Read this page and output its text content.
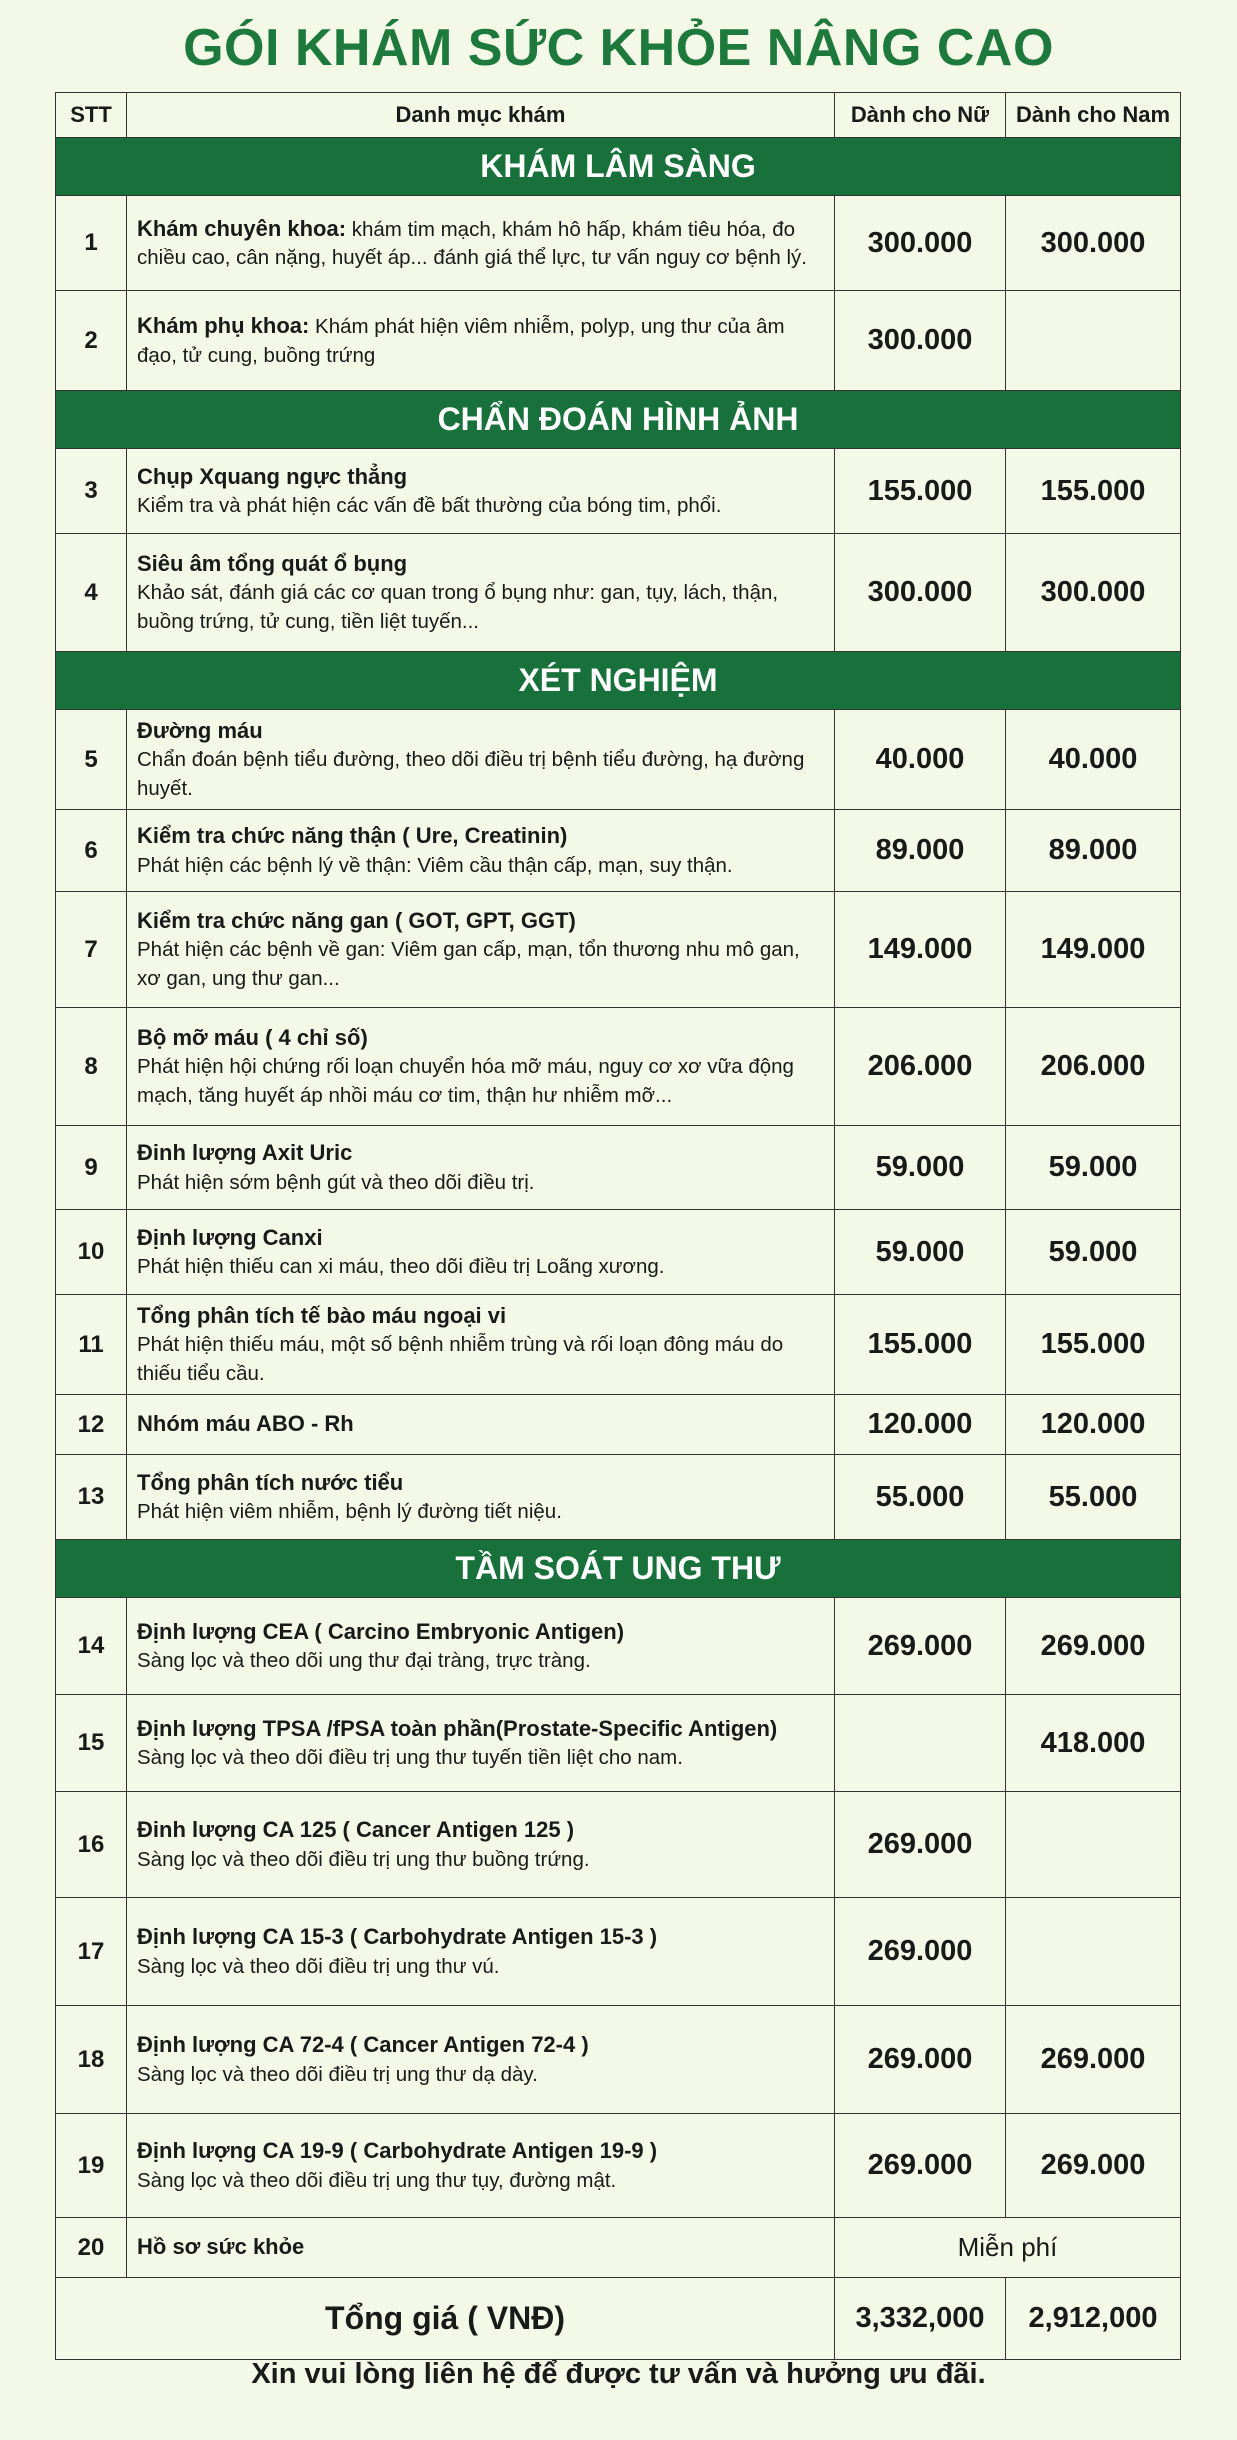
GÓI KHÁM SỨC KHỎE NÂNG CAO
STT	Danh mục khám	Dành cho Nữ	Dành cho Nam
KHÁM LÂM SÀNG			
1	Khám chuyên khoa: khám tim mạch, khám hô hấp, khám tiêu hóa, đo chiều cao, cân nặng, huyết áp... đánh giá thể lực, tư vấn nguy cơ bệnh lý.	300.000	300.000
2	Khám phụ khoa: Khám phát hiện viêm nhiễm, polyp, ung thư của âm đạo, tử cung, buồng trứng	300.000	
CHẨN ĐOÁN HÌNH ẢNH			
3	Chụp Xquang ngực thẳng
Kiểm tra và phát hiện các vấn đề bất thường của bóng tim, phổi.	155.000	155.000
4	Siêu âm tổng quát ổ bụng
Khảo sát, đánh giá các cơ quan trong ổ bụng như: gan, tụy, lách, thận, buồng trứng, tử cung, tiền liệt tuyến...	300.000	300.000
XÉT NGHIỆM			
5	Đường máu
Chẩn đoán bệnh tiểu đường, theo dõi điều trị bệnh tiểu đường, hạ đường huyết.	40.000	40.000
6	Kiểm tra chức năng thận ( Ure, Creatinin)
Phát hiện các bệnh lý về thận: Viêm cầu thận cấp, mạn, suy thận.	89.000	89.000
7	Kiểm tra chức năng gan ( GOT, GPT, GGT)
Phát hiện các bệnh về gan: Viêm gan cấp, mạn, tổn thương nhu mô gan, xơ gan, ung thư gan...	149.000	149.000
8	Bộ mỡ máu ( 4 chỉ số)
Phát hiện hội chứng rối loạn chuyển hóa mỡ máu, nguy cơ xơ vữa động mạch, tăng huyết áp nhồi máu cơ tim, thận hư nhiễm mỡ...	206.000	206.000
9	Đinh lượng Axit Uric
Phát hiện sớm bệnh gút và theo dõi điều trị.	59.000	59.000
10	Định lượng Canxi
Phát hiện thiếu can xi máu, theo dõi điều trị Loãng xương.	59.000	59.000
11	Tổng phân tích tế bào máu ngoại vi
Phát hiện thiếu máu, một số bệnh nhiễm trùng và rối loạn đông máu do thiếu tiểu cầu.	155.000	155.000
12	Nhóm máu ABO - Rh	120.000	120.000
13	Tổng phân tích nước tiểu
Phát hiện viêm nhiễm, bệnh lý đường tiết niệu.	55.000	55.000
TẦM SOÁT UNG THƯ			
14	Định lượng CEA ( Carcino Embryonic Antigen)
Sàng lọc và theo dõi ung thư đại tràng, trực tràng.	269.000	269.000
15	Định lượng TPSA /fPSA toàn phần(Prostate-Specific Antigen)
Sàng lọc và theo dõi điều trị ung thư tuyến tiền liệt cho nam.		418.000
16	Đinh lượng CA 125 ( Cancer Antigen 125 )
Sàng lọc và theo dõi điều trị ung thư buồng trứng.	269.000	
17	Định lượng CA 15-3 ( Carbohydrate Antigen 15-3 )
Sàng lọc và theo dõi điều trị ung thư vú.	269.000	
18	Định lượng CA 72-4 ( Cancer Antigen 72-4 )
Sàng lọc và theo dõi điều trị ung thư dạ dày.	269.000	269.000
19	Định lượng CA 19-9 ( Carbohydrate Antigen 19-9 )
Sàng lọc và theo dõi điều trị ung thư tụy, đường mật.	269.000	269.000
20	Hồ sơ sức khỏe	Miễn phí	
Tổng giá ( VNĐ)		3,332,000	2,912,000
Xin vui lòng liên hệ để được tư vấn và hưởng ưu đãi.
